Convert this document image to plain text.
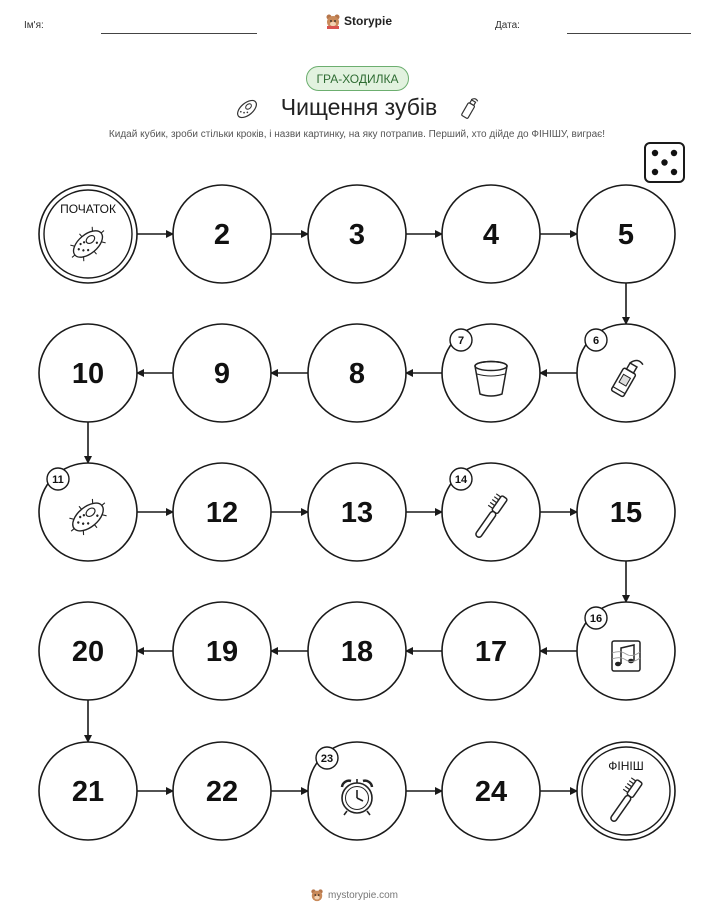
Ім'я:	Storypie	Дата:
ГРА-ХОДИЛКА
Чищення зубів
Кидай кубик, зроби стільки кроків, і назви картинку, на яку потрапив. Перший, хто дійде до ФІНІШУ, виграє!
ПОЧАТОК
2	3	4	5
6
7
8
9
10
11
12	13
14
15
16
17
18
19
20
21	22
23
24
ФІНІШ
mystorypie.com
